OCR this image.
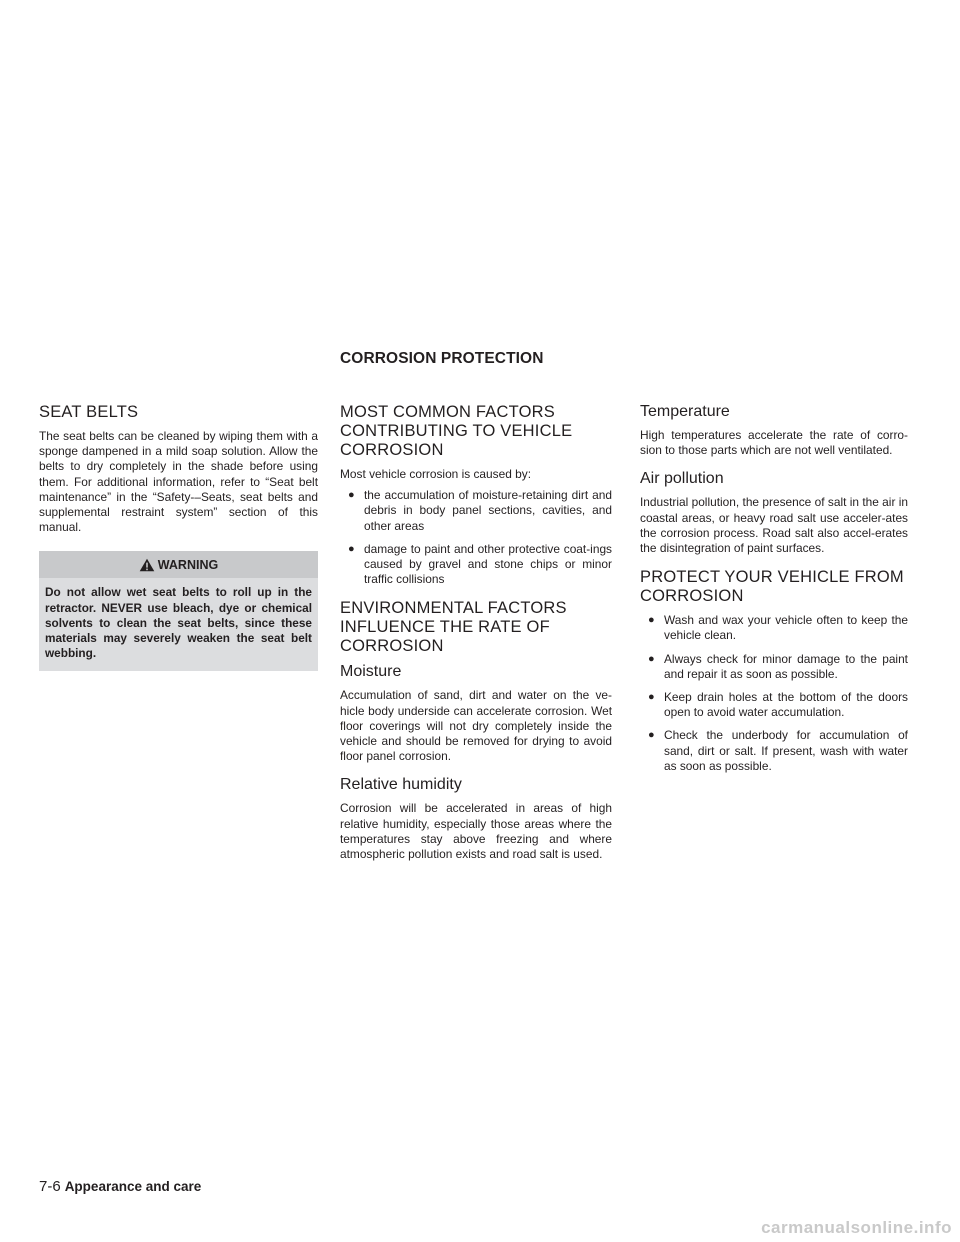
CORROSION PROTECTION
SEAT BELTS

The seat belts can be cleaned by wiping them with a sponge dampened in a mild soap solution. Allow the belts to dry completely in the shade before using them. For additional information, refer to “Seat belt maintenance” in the “Safety-–Seats, seat belts and supplemental restraint system” section of this manual.

WARNING
Do not allow wet seat belts to roll up in the retractor. NEVER use bleach, dye or chemical solvents to clean the seat belts, since these materials may severely weaken the seat belt webbing.
MOST COMMON FACTORS CONTRIBUTING TO VEHICLE CORROSION

Most vehicle corrosion is caused by:

● the accumulation of moisture-retaining dirt and debris in body panel sections, cavities, and other areas
● damage to paint and other protective coat-ings caused by gravel and stone chips or minor traffic collisions
ENVIRONMENTAL FACTORS INFLUENCE THE RATE OF CORROSION
Moisture

Accumulation of sand, dirt and water on the ve-hicle body underside can accelerate corrosion. Wet floor coverings will not dry completely inside the vehicle and should be removed for drying to avoid floor panel corrosion.

Relative humidity

Corrosion will be accelerated in areas of high relative humidity, especially those areas where the temperatures stay above freezing and where atmospheric pollution exists and road salt is used.

Temperature

High temperatures accelerate the rate of corro-sion to those parts which are not well ventilated.

Air pollution

Industrial pollution, the presence of salt in the air in coastal areas, or heavy road salt use acceler-ates the corrosion process. Road salt also accel-erates the disintegration of paint surfaces.

PROTECT YOUR VEHICLE FROM CORROSION
● Wash and wax your vehicle often to keep the vehicle clean.
● Always check for minor damage to the paint and repair it as soon as possible.
● Keep drain holes at the bottom of the doors open to avoid water accumulation.
● Check the underbody for accumulation of sand, dirt or salt. If present, wash with water as soon as possible.
7-6 Appearance and care
carmanualsonline.info
